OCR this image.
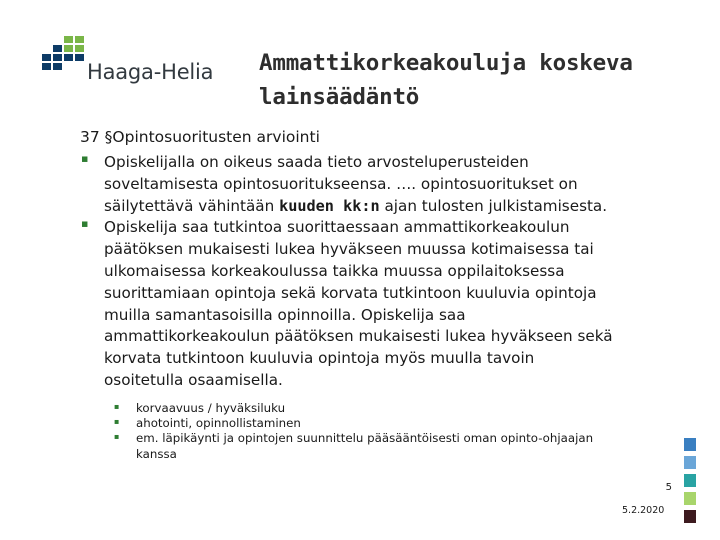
Haaga-Helia Ammattikorkeakouluja koskeva
lainsäädäntö
37 §Opintosuoritusten arviointi
▪ Opiskelijalla on oikeus saada tieto arvosteluperusteiden
soveltamisesta opintosuoritukseensa. …. opintosuoritukset on
säilytettävä vähintään kuuden kk:n ajan tulosten julkistamisesta.
▪ Opiskelija saa tutkintoa suorittaessaan ammattikorkeakoulun
päätöksen mukaisesti lukea hyväkseen muussa kotimaisessa tai
ulkomaisessa korkeakoulussa taikka muussa oppilaitoksessa
suorittamiaan opintoja sekä korvata tutkintoon kuuluvia opintoja
muilla samantasoisilla opinnoilla. Opiskelija saa
ammattikorkeakoulun päätöksen mukaisesti lukea hyväkseen sekä
korvata tutkintoon kuuluvia opintoja myös muulla tavoin
osoitetulla osaamisella.
▪ korvaavuus / hyväksiluku
▪ ahotointi, opinnollistaminen
▪ em. läpikäynti ja opintojen suunnittelu pääsääntöisesti oman opinto-ohjaajan
kanssa
5
5.2.2020
